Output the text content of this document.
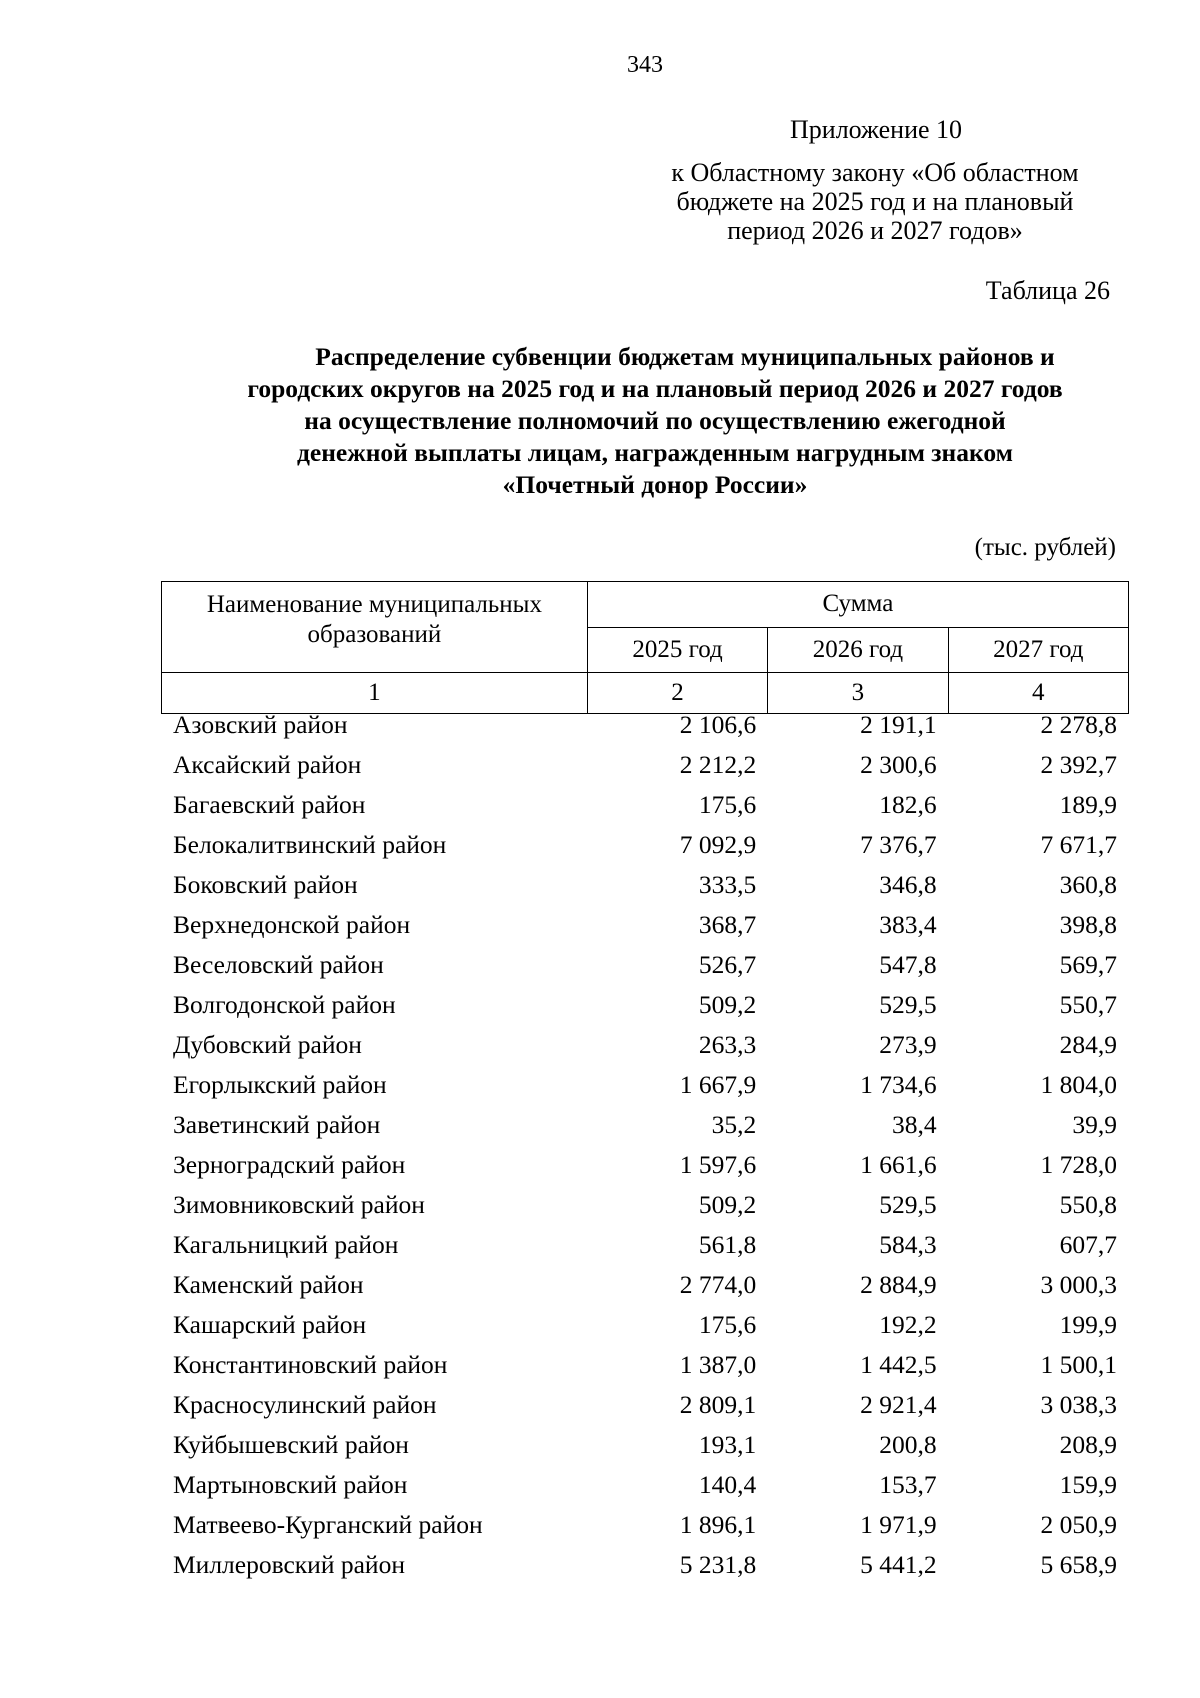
343
Приложение 10
к Областному закону «Об областном
бюджете на 2025 год и на плановый
период 2026 и 2027 годов»
Таблица 26
Распределение субвенции бюджетам муниципальных районов и
городских округов на 2025 год и на плановый период 2026 и 2027 годов
на осуществление полномочий по осуществлению ежегодной
денежной выплаты лицам, награжденным нагрудным знаком
«Почетный донор России»
(тыс. рублей)
Наименование муниципальных
образований	Сумма		
	2025 год	2026 год	2027 год
1	2	3	4
Азовский район	2 106,6	2 191,1	2 278,8
Аксайский район	2 212,2	2 300,6	2 392,7
Багаевский район	175,6	182,6	189,9
Белокалитвинский район	7 092,9	7 376,7	7 671,7
Боковский район	333,5	346,8	360,8
Верхнедонской район	368,7	383,4	398,8
Веселовский район	526,7	547,8	569,7
Волгодонской район	509,2	529,5	550,7
Дубовский район	263,3	273,9	284,9
Егорлыкский район	1 667,9	1 734,6	1 804,0
Заветинский район	35,2	38,4	39,9
Зерноградский район	1 597,6	1 661,6	1 728,0
Зимовниковский район	509,2	529,5	550,8
Кагальницкий район	561,8	584,3	607,7
Каменский район	2 774,0	2 884,9	3 000,3
Кашарский район	175,6	192,2	199,9
Константиновский район	1 387,0	1 442,5	1 500,1
Красносулинский район	2 809,1	2 921,4	3 038,3
Куйбышевский район	193,1	200,8	208,9
Мартыновский район	140,4	153,7	159,9
Матвеево-Курганский район	1 896,1	1 971,9	2 050,9
Миллеровский район	5 231,8	5 441,2	5 658,9
